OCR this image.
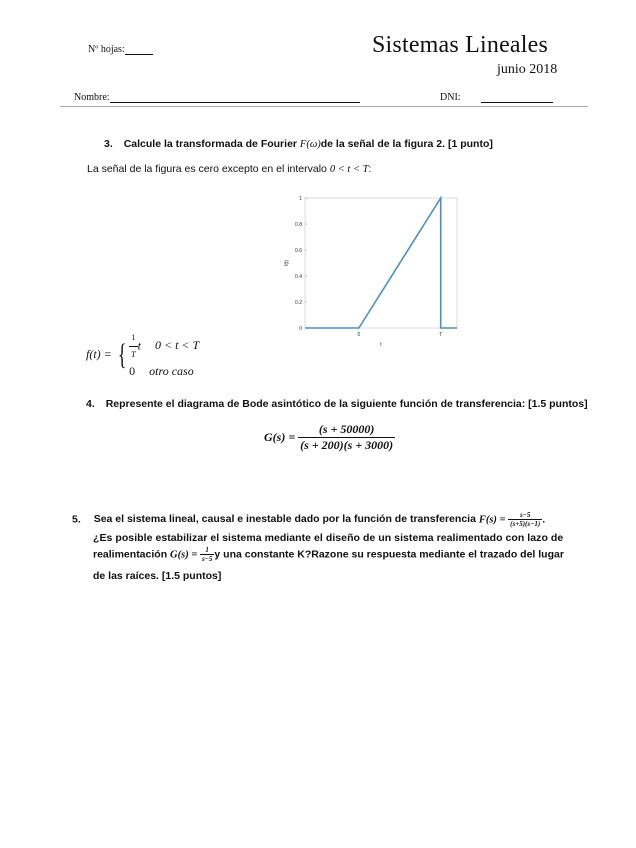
Nº hojas:	Sistemas Lineales
junio 2018
Nombre:	DNI:
3. Calcule la transformada de Fourier F(ω)de la señal de la figura 2. [1 punto]
La señal de la figura es cero excepto en el intervalo 0 < t < T:
0
0.2
0.4
0.6
0.8
1
0	T
f(t)
t
f(t) = { $\frac{1}{T}$ t 0 < t < T
0 otro caso
4. Represente el diagrama de Bode asintótico de la siguiente función de transferencia: [1.5 puntos]
$G(s) = \frac{(s + 50000)}{(s + 200)(s + 3000)}$
5. Sea el sistema lineal, causal e inestable dado por la función de transferencia $F(s) = \frac{s-5}{(s+5)(s-1)}$ .
¿Es posible estabilizar el sistema mediante el diseño de un sistema realimentado con lazo de
realimentación $G(s) = \frac{1}{s-5}$ y una constante K?Razone su respuesta mediante el trazado del lugar
de las raíces. [1.5 puntos]
